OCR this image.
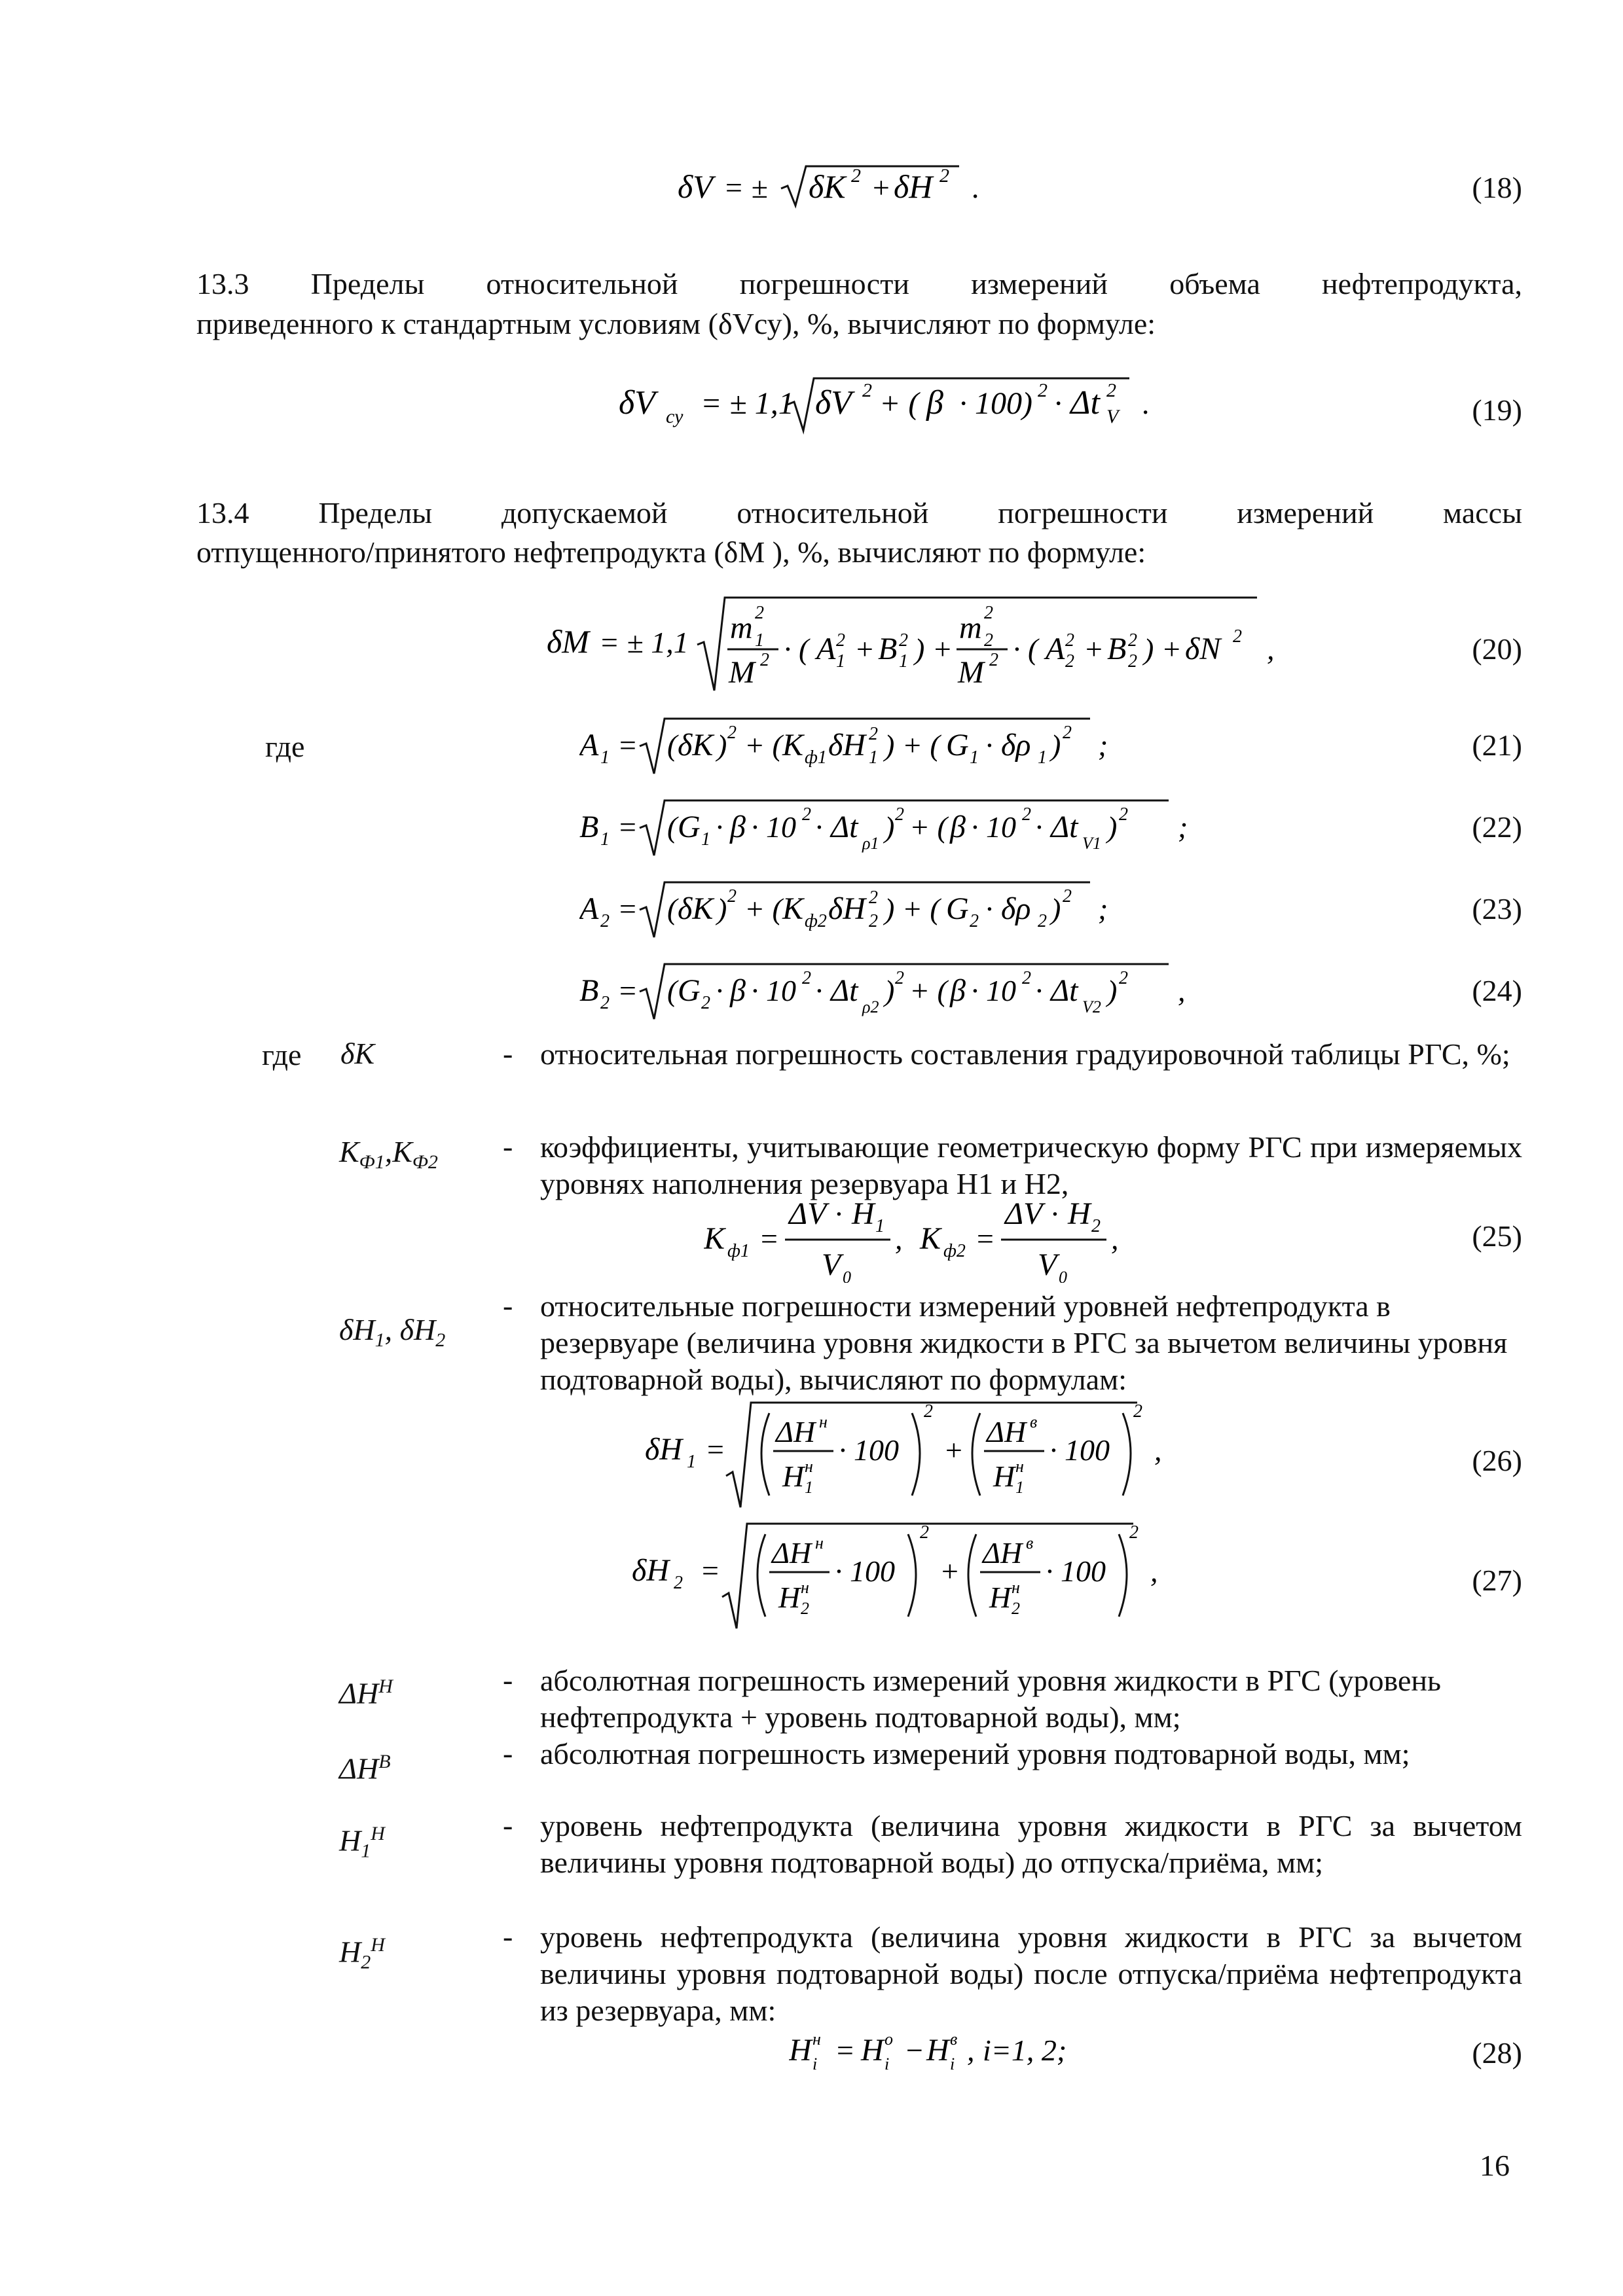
δV = ± δK 2 + δH 2 .	(18)
13.3 Пределы относительной погрешности измерений объема нефтепродукта,
приведенного к стандартным условиям (δVсу), %, вычисляют по формуле:
δV су = ± 1,1 δV 2 + ( β · 100) 2 · Δt 2
V .	(19)
13.4 Пределы допускаемой относительной погрешности измерений массы
отпущенного/принятого нефтепродукта (δM ), %, вычисляют по формуле:
δM = ± 1,1 m 1
2
M 2 · ( A 1
2 + B 1
2 ) +
m 2
2
M 2 · ( A 2
2 + B 2
2 ) + δN 2 ,	(20)
где	A 1 = ( δK ) 2 + ( K ф1 δH 1
2 ) + ( G 1 · δρ 1 ) 2 ;	(21)
B 1 = ( G 1 · β · 10 2 · Δt ρ1 ) 2 + ( β · 10 2 · Δt V1 ) 2 ;	(22)
A 2 = ( δK ) 2 + ( K ф2 δH 2
2 ) + ( G 2 · δρ 2 ) 2 ;	(23)
B 2 = ( G 2 · β · 10 2 · Δt ρ2 ) 2 + ( β · 10 2 · Δt V2 ) 2 ,	(24)
где δК	- относительная погрешность составления градуировочной таблицы РГС, %;
$К_{Ф1},К_{Ф2}$ - коэффициенты, учитывающие геометрическую форму РГС при измеряемых уровнях наполнения резервуара H1 и H2,
K ф1 =
ΔV · H 1
V 0
, K ф2 =
ΔV · H 2
V 0
,	(25)
$\delta H_1$, $\delta H_2$
- относительные погрешности измерений уровней нефтепродукта в резервуаре (величина уровня жидкости в РГС за вычетом величины уровня подтоварной воды), вычисляют по формулам:
δH 1 =
ΔH н
H н
1
· 100
2
+
ΔH в
H н
1
· 100
2
,	(26)
δH 2 =
ΔH н
H н
2
· 100
2
+
ΔH в
H н
2
· 100
2
,	(27)
$\Delta H^Н$	- абсолютная погрешность измерений уровня жидкости в РГС (уровень нефтепродукта + уровень подтоварной воды), мм;
$\Delta H^В$	- абсолютная погрешность измерений уровня подтоварной воды, мм;
$H_1^Н$	- уровень нефтепродукта (величина уровня жидкости в РГС за вычетом величины уровня подтоварной воды) до отпуска/приёма, мм;
$H_2^Н$	- уровень нефтепродукта (величина уровня жидкости в РГС за вычетом величины уровня подтоварной воды) после отпуска/приёма нефтепродукта из резервуара, мм:
H н
i = H о
i − H в
i , i=1, 2;	(28)
16
